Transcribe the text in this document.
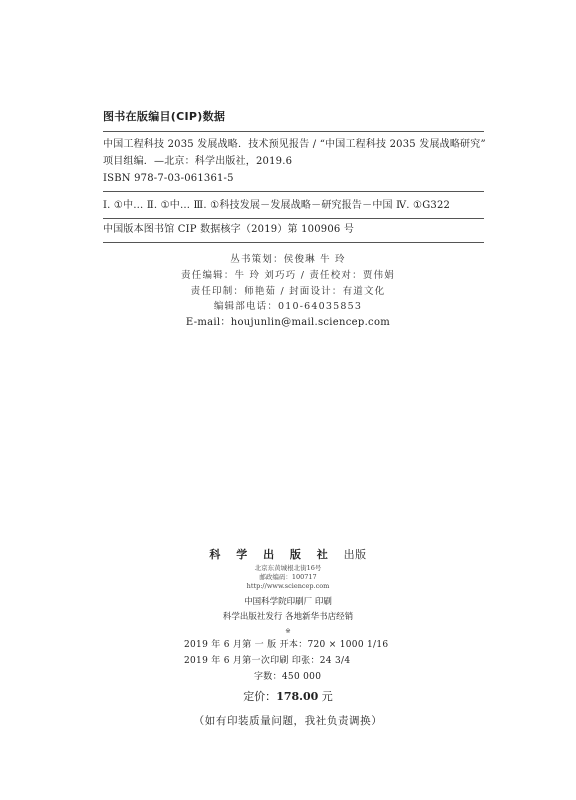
图书在版编目(CIP)数据
中国工程科技 2035 发展战略．技术预见报告 / “中国工程科技 2035 发展战略研究”
项目组编．—北京：科学出版社，2019.6
ISBN 978-7-03-061361-5
Ⅰ. ①中… Ⅱ. ①中… Ⅲ. ①科技发展－发展战略－研究报告－中国 Ⅳ. ①G322
中国版本图书馆 CIP 数据核字（2019）第 100906 号
丛书策划：侯俊琳 牛 玲
责任编辑：牛 玲 刘巧巧 / 责任校对：贾伟娟
责任印制：师艳茹 / 封面设计：有道文化
编辑部电话：010-64035853
E-mail：houjunlin@mail.sciencep.com
科 学 出 版 社 出版
北京东黄城根北街16号
邮政编码：100717
http://www.sciencep.com
中国科学院印刷厂 印刷
科学出版社发行 各地新华书店经销
※
2019 年 6 月第 一 版 开本：720 × 1000 1/16
2019 年 6 月第一次印刷 印张：24 3/4
字数：450 000
定价：178.00 元
（如有印装质量问题，我社负责调换）
